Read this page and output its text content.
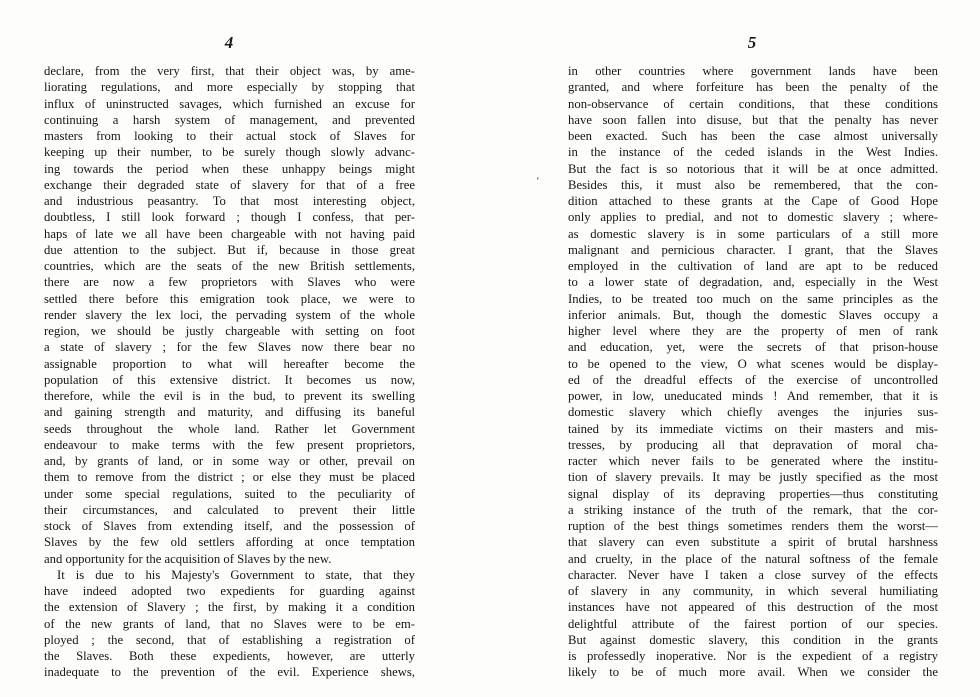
4
declare, from the very first, that their object was, by ame-
liorating regulations, and more especially by stopping that
influx of uninstructed savages, which furnished an excuse for
continuing a harsh system of management, and prevented
masters from looking to their actual stock of Slaves for
keeping up their number, to be surely though slowly advanc-
ing towards the period when these unhappy beings might
exchange their degraded state of slavery for that of a free
and industrious peasantry. To that most interesting object,
doubtless, I still look forward ; though I confess, that per-
haps of late we all have been chargeable with not having paid
due attention to the subject. But if, because in those great
countries, which are the seats of the new British settlements,
there are now a few proprietors with Slaves who were
settled there before this emigration took place, we were to
render slavery the lex loci, the pervading system of the whole
region, we should be justly chargeable with setting on foot
a state of slavery ; for the few Slaves now there bear no
assignable proportion to what will hereafter become the
population of this extensive district. It becomes us now,
therefore, while the evil is in the bud, to prevent its swelling
and gaining strength and maturity, and diffusing its baneful
seeds throughout the whole land. Rather let Government
endeavour to make terms with the few present proprietors,
and, by grants of land, or in some way or other, prevail on
them to remove from the district ; or else they must be placed
under some special regulations, suited to the peculiarity of
their circumstances, and calculated to prevent their little
stock of Slaves from extending itself, and the possession of
Slaves by the few old settlers affording at once temptation
and opportunity for the acquisition of Slaves by the new.
It is due to his Majesty's Government to state, that they
have indeed adopted two expedients for guarding against
the extension of Slavery ; the first, by making it a condition
of the new grants of land, that no Slaves were to be em-
ployed ; the second, that of establishing a registration of
the Slaves. Both these expedients, however, are utterly
inadequate to the prevention of the evil. Experience shews,
5
in other countries where government lands have been
granted, and where forfeiture has been the penalty of the
non-observance of certain conditions, that these conditions
have soon fallen into disuse, but that the penalty has never
been exacted. Such has been the case almost universally
in the instance of the ceded islands in the West Indies.
But the fact is so notorious that it will be at once admitted.
Besides this, it must also be remembered, that the con-
dition attached to these grants at the Cape of Good Hope
only applies to predial, and not to domestic slavery ; where-
as domestic slavery is in some particulars of a still more
malignant and pernicious character. I grant, that the Slaves
employed in the cultivation of land are apt to be reduced
to a lower state of degradation, and, especially in the West
Indies, to be treated too much on the same principles as the
inferior animals. But, though the domestic Slaves occupy a
higher level where they are the property of men of rank
and education, yet, were the secrets of that prison-house
to be opened to the view, O what scenes would be display-
ed of the dreadful effects of the exercise of uncontrolled
power, in low, uneducated minds ! And remember, that it is
domestic slavery which chiefly avenges the injuries sus-
tained by its immediate victims on their masters and mis-
tresses, by producing all that depravation of moral cha-
racter which never fails to be generated where the institu-
tion of slavery prevails. It may be justly specified as the most
signal display of its depraving properties—thus constituting
a striking instance of the truth of the remark, that the cor-
ruption of the best things sometimes renders them the worst—
that slavery can even substitute a spirit of brutal harshness
and cruelty, in the place of the natural softness of the female
character. Never have I taken a close survey of the effects
of slavery in any community, in which several humiliating
instances have not appeared of this destruction of the most
delightful attribute of the fairest portion of our species.
But against domestic slavery, this condition in the grants
is professedly inoperative. Nor is the expedient of a registry
likely to be of much more avail. When we consider the
‘
